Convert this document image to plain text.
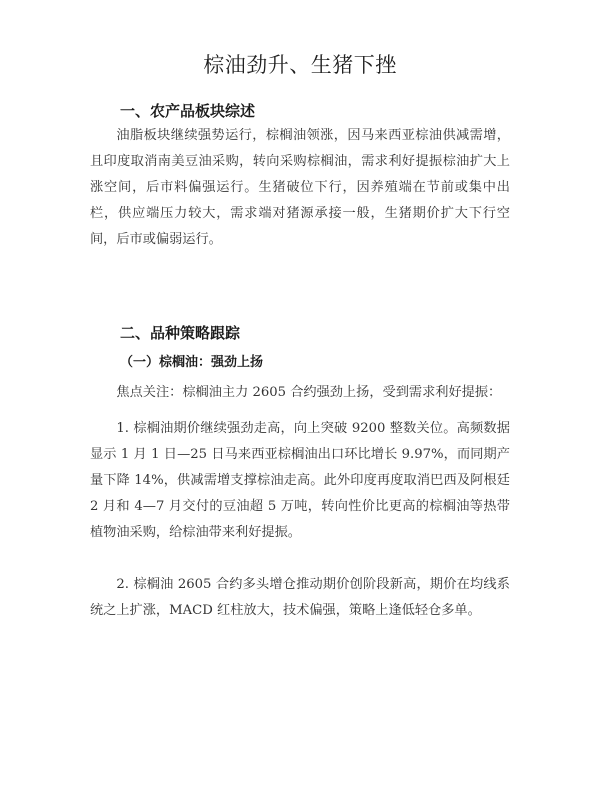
棕油劲升、生猪下挫
一、农产品板块综述

油脂板块继续强势运行，棕榈油领涨，因马来西亚棕油供减需增，且印度取消南美豆油采购，转向采购棕榈油，需求利好提振棕油扩大上涨空间，后市料偏强运行。生猪破位下行，因养殖端在节前或集中出栏，供应端压力较大，需求端对猪源承接一般，生猪期价扩大下行空间，后市或偏弱运行。

二、品种策略跟踪
（一）棕榈油：强劲上扬

焦点关注：棕榈油主力 2605 合约强劲上扬，受到需求利好提振：

1. 棕榈油期价继续强劲走高，向上突破 9200 整数关位。高频数据显示 1 月 1 日—25 日马来西亚棕榈油出口环比增长 9.97%，而同期产量下降 14%，供减需增支撑棕油走高。此外印度再度取消巴西及阿根廷 2 月和 4—7 月交付的豆油超 5 万吨，转向性价比更高的棕榈油等热带植物油采购，给棕油带来利好提振。

2. 棕榈油 2605 合约多头增仓推动期价创阶段新高，期价在均线系统之上扩涨，MACD 红柱放大，技术偏强，策略上逢低轻仓多单。
